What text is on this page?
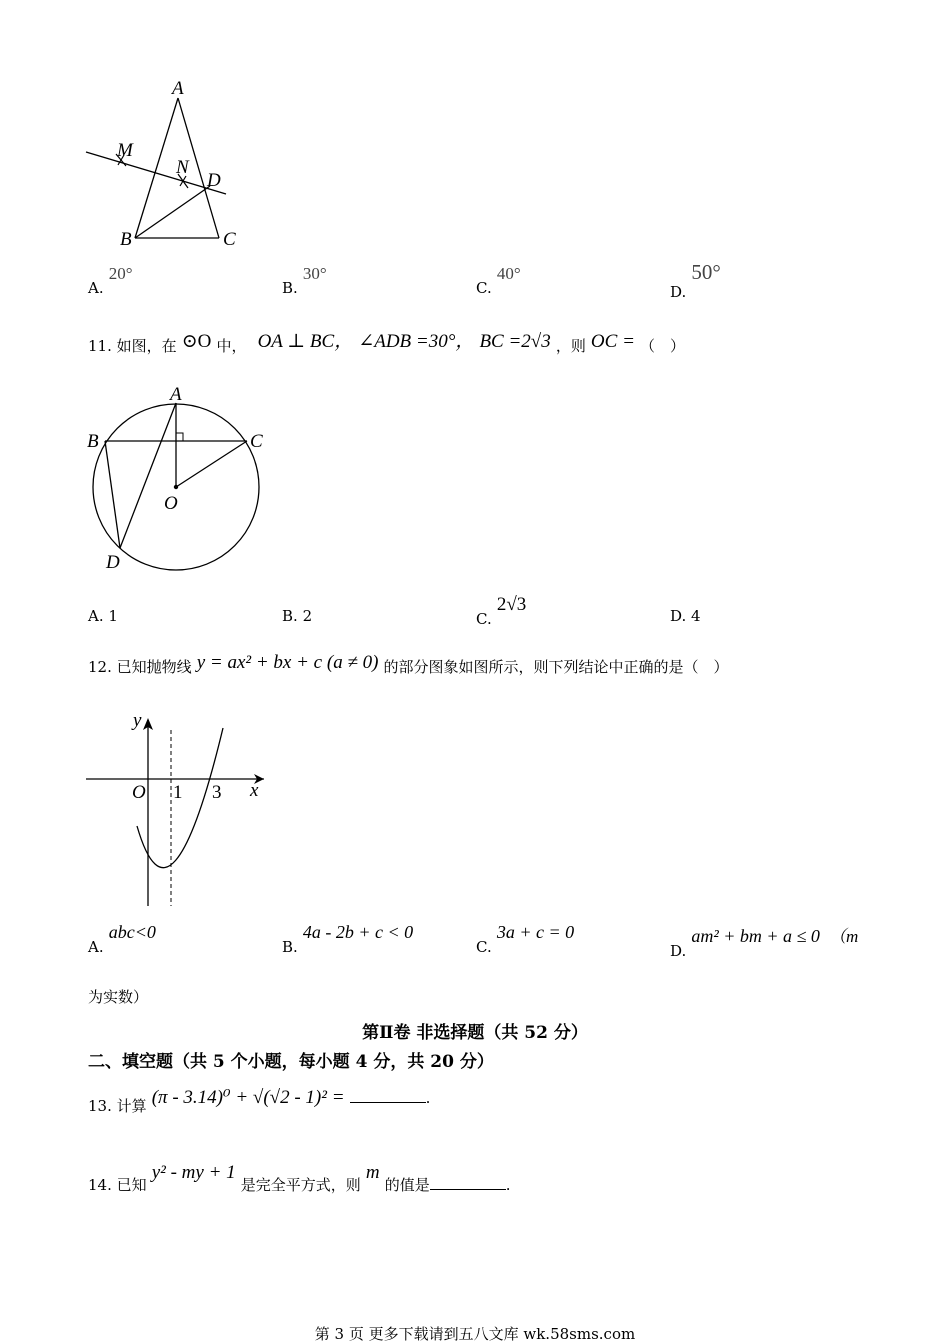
A
M
N
D
B	C
A. 20°
B. 30°
C. 40°
D. 50°
11. 如图，在 ⊙O 中， OA ⊥ BC， ∠ADB =30°， BC =2√3 ，则 OC = （　）
A
B	C
O
D
A. 1	B. 2	C. 2√3
D. 4
12. 已知抛物线 y = ax² + bx + c (a ≠ 0) 的部分图象如图所示，则下列结论中正确的是（　）
y
O 1 3 x
A. abc<0
B. 4a - 2b + c < 0
C. 3a + c = 0
D. am² + bm + a ≤ 0 （m
为实数）
第Ⅱ卷 非选择题（共 52 分）
二、填空题（共 5 个小题，每小题 4 分，共 20 分）
13. 计算 (π - 3.14)⁰ + √(√2 - 1)² =	.
14. 已知 y² - my + 1 是完全平方式，则 m 的值是	.
第 3 页 更多下载请到五八文库 wk.58sms.com
